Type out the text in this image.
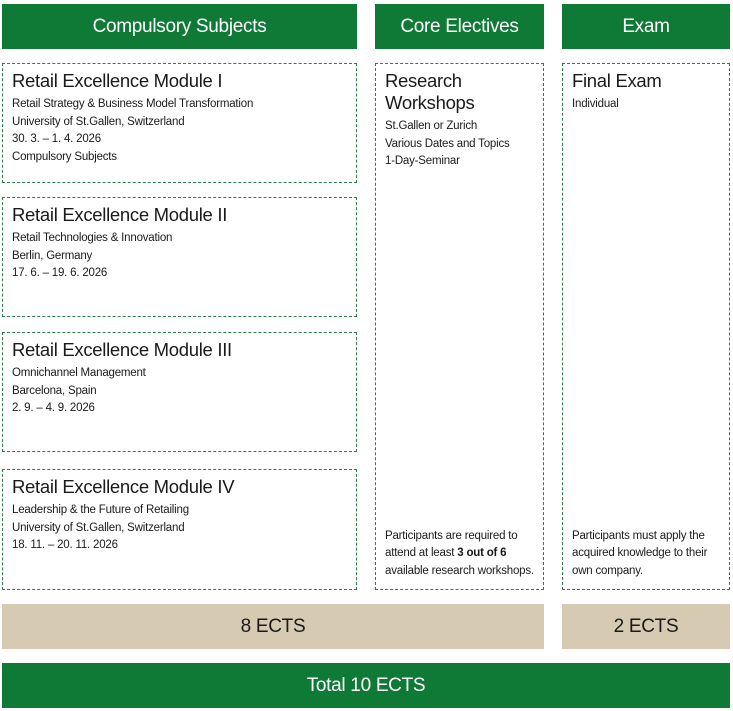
Compulsory Subjects	Core Electives	Exam
Retail Excellence Module I
Retail Strategy & Business Model Transformation
University of St.Gallen, Switzerland
30. 3. – 1. 4. 2026
Compulsory Subjects
Retail Excellence Module II
Retail Technologies & Innovation
Berlin, Germany
17. 6. – 19. 6. 2026
Retail Excellence Module III
Omnichannel Management
Barcelona, Spain
2. 9. – 4. 9. 2026
Retail Excellence Module IV
Leadership & the Future of Retailing
University of St.Gallen, Switzerland
18. 11. – 20. 11. 2026
Research Workshops
St.Gallen or Zurich
Various Dates and Topics
1-Day-Seminar
Participants are required to attend at least 3 out of 6 available research workshops.
Final Exam
Individual
Participants must apply the acquired knowledge to their own company.
8 ECTS	2 ECTS
Total 10 ECTS
